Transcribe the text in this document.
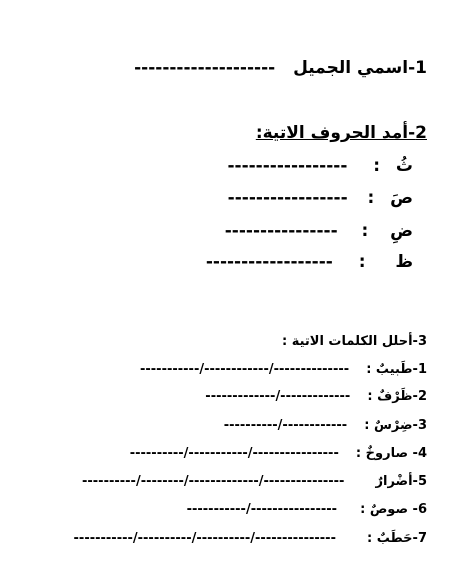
1-اسمي الجميل  --------------------
2-أمد الحروف الاتية:
ثُ  :  -----------------
صَ  :  -----------------
ضِ  :  ----------------
ظ  :  ------------------
3-أحلل الكلمات الاتية :
1-طَبيبٌ :  --------------/------------/-----------
2-ظَرْفٌ :  -------------/-------------
3-ضِرْسٌ :  ------------/----------
4- صاروخٌ :  ----------------/-----------/----------
5-أضْرارٌ  ---------------/-------------/--------/----------
6- صوصٌ :  ----------------/-----------
7-حَطَبٌ :  ---------------/----------/----------/-----------
